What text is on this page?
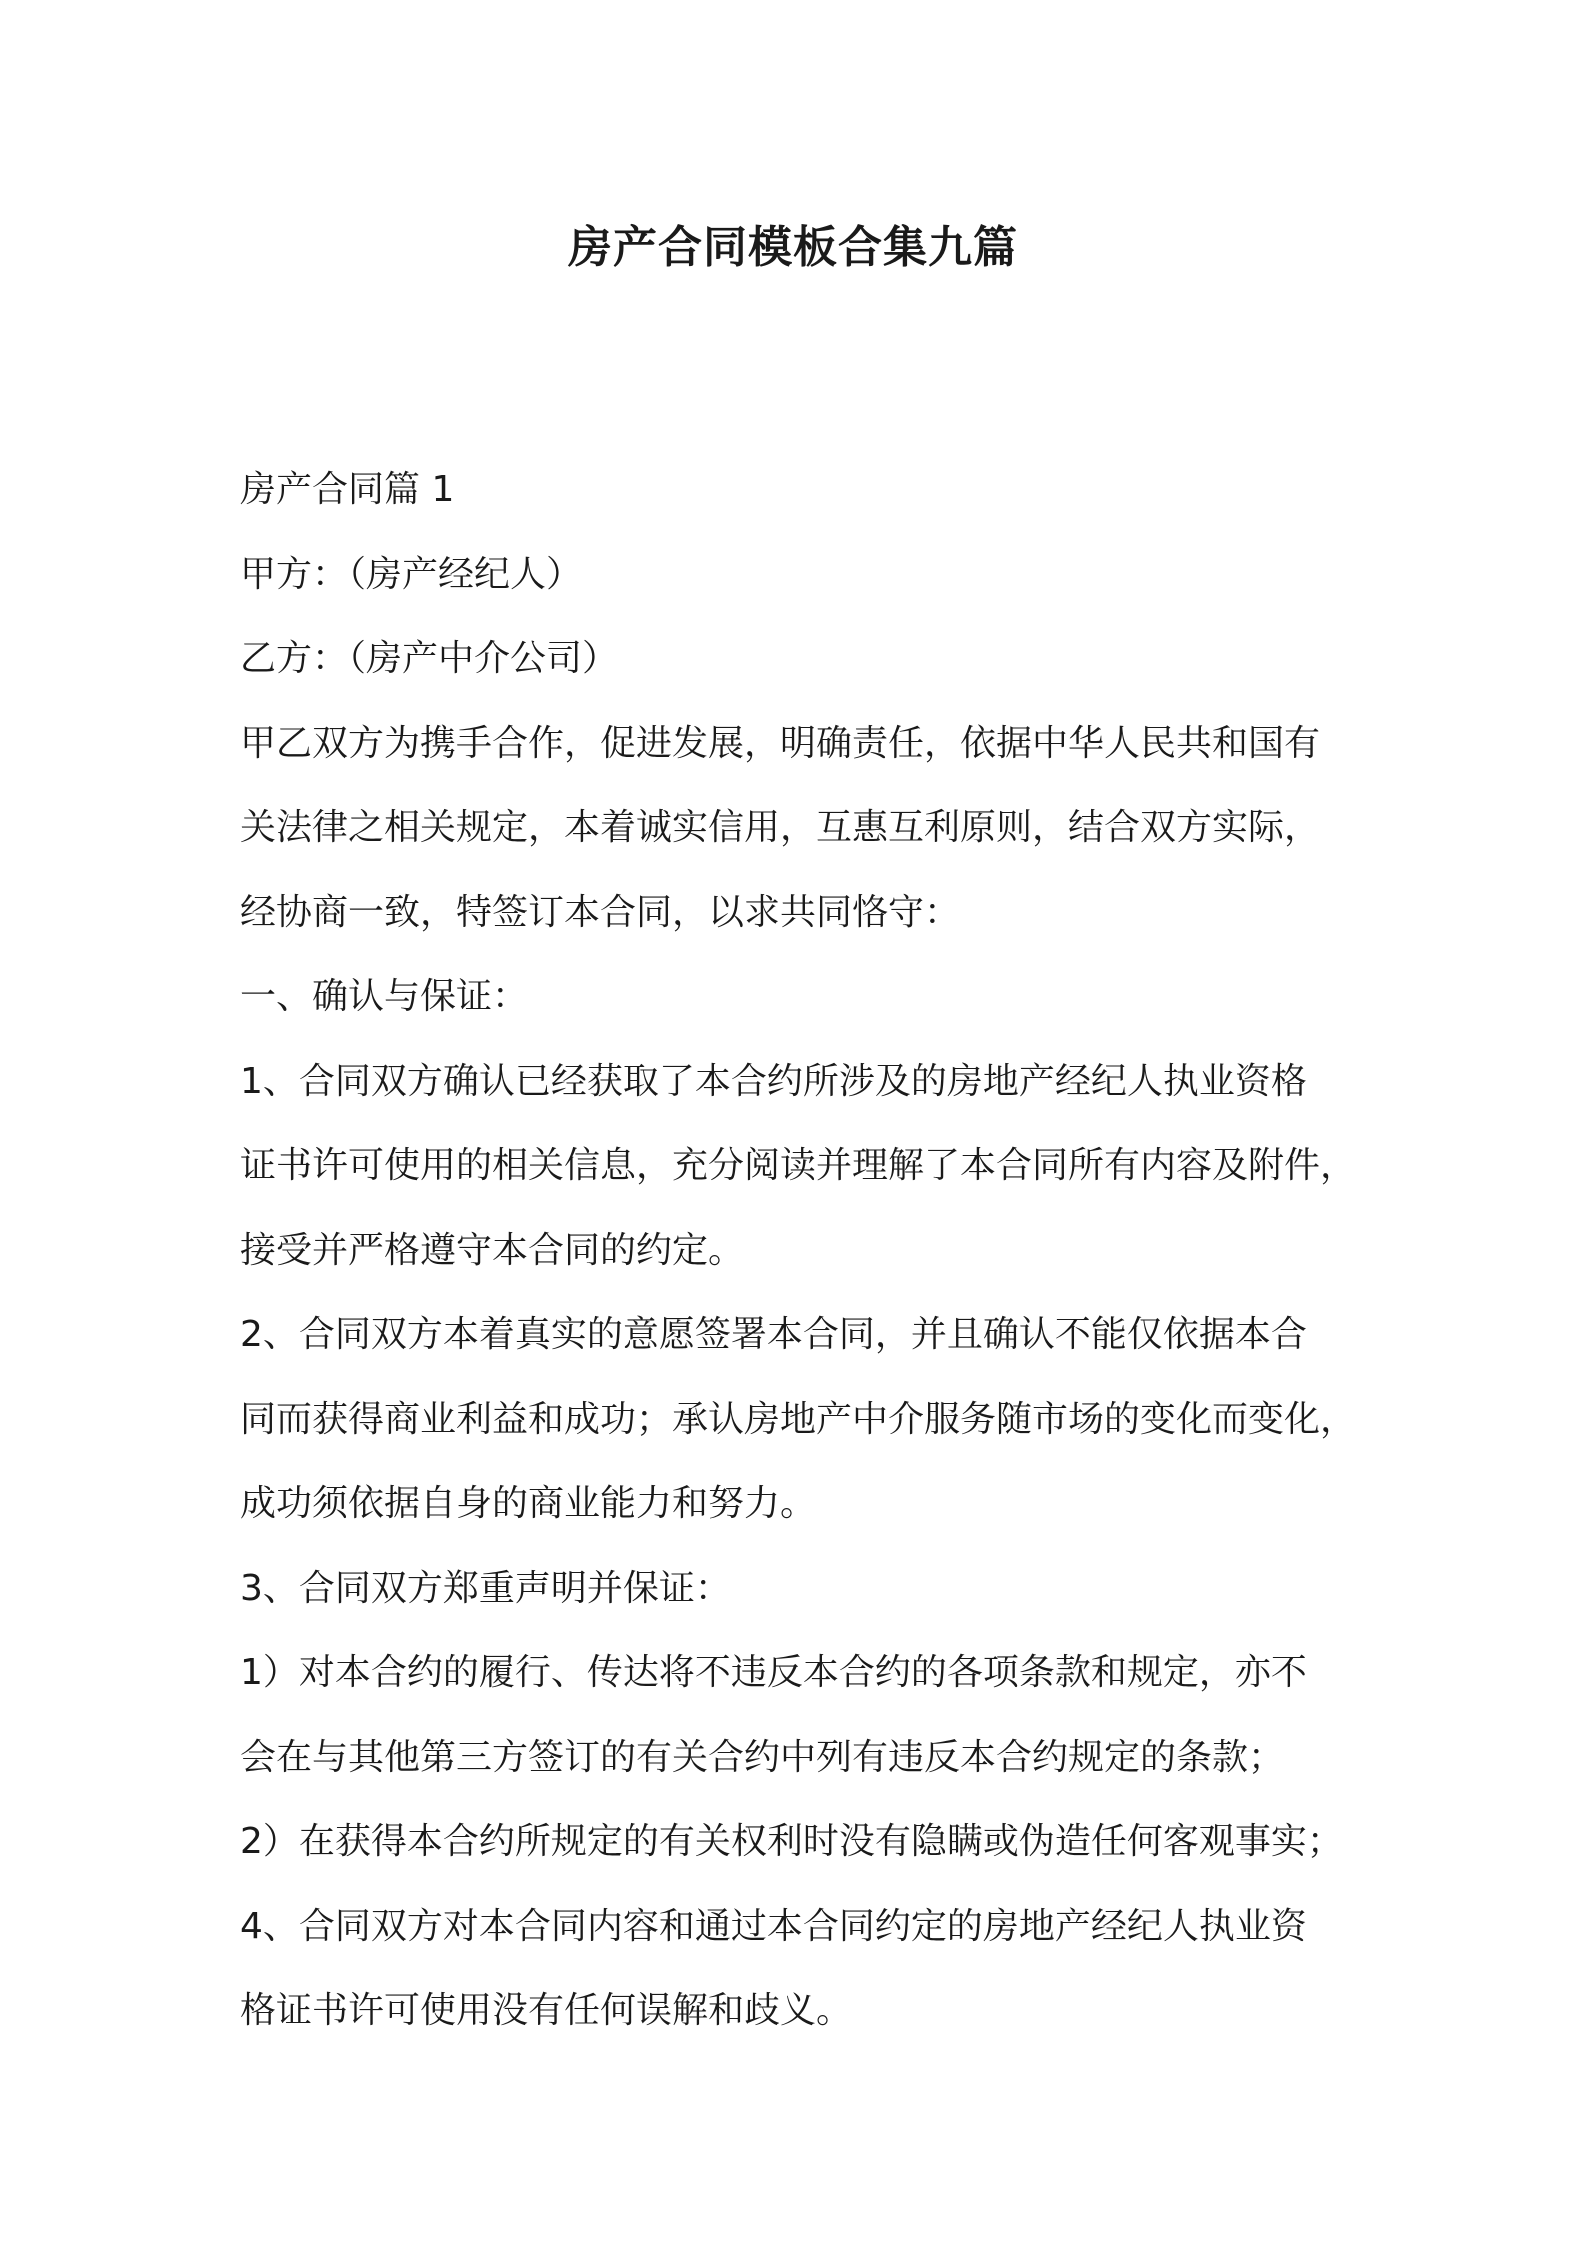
房产合同模板合集九篇
房产合同篇 1
甲方：（房产经纪人）
乙方：（房产中介公司）
甲乙双方为携手合作，促进发展，明确责任，依据中华人民共和国有
关法律之相关规定，本着诚实信用，互惠互利原则，结合双方实际，
经协商一致，特签订本合同，以求共同恪守：
一、确认与保证：
1、合同双方确认已经获取了本合约所涉及的房地产经纪人执业资格
证书许可使用的相关信息，充分阅读并理解了本合同所有内容及附件，
接受并严格遵守本合同的约定。
2、合同双方本着真实的意愿签署本合同，并且确认不能仅依据本合
同而获得商业利益和成功；承认房地产中介服务随市场的变化而变化，
成功须依据自身的商业能力和努力。
3、合同双方郑重声明并保证：
1）对本合约的履行、传达将不违反本合约的各项条款和规定，亦不
会在与其他第三方签订的有关合约中列有违反本合约规定的条款；
2）在获得本合约所规定的有关权利时没有隐瞒或伪造任何客观事实；
4、合同双方对本合同内容和通过本合同约定的房地产经纪人执业资
格证书许可使用没有任何误解和歧义。
